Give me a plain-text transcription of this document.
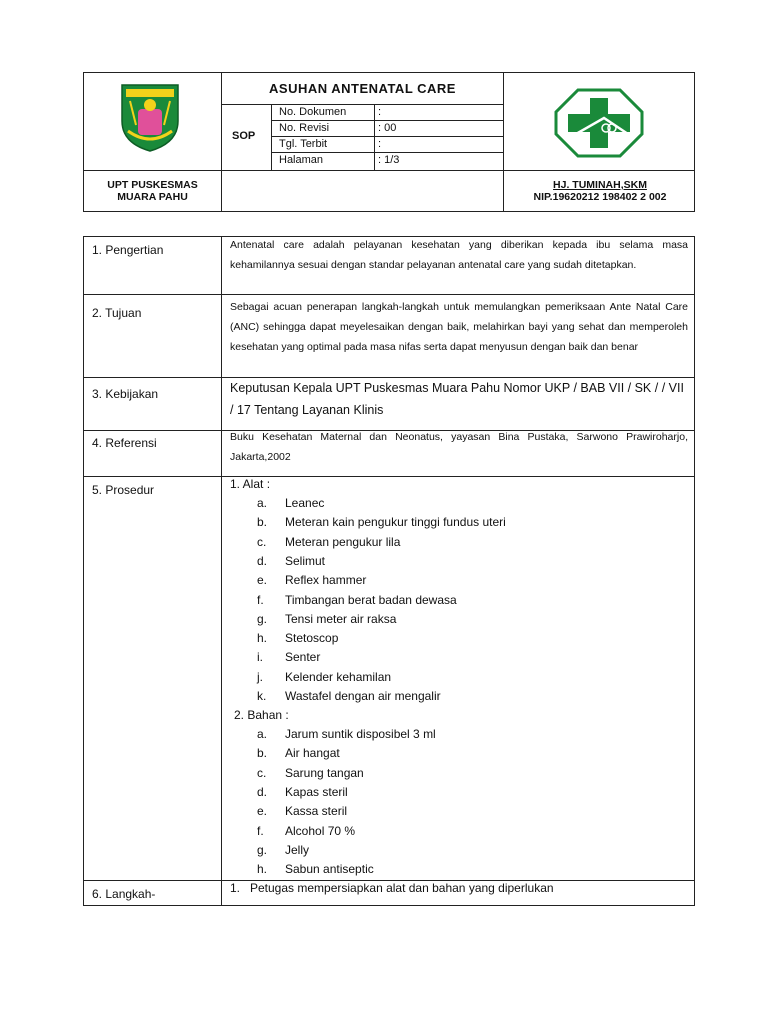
ASUHAN ANTENATAL CARE
SOP
No. Dokumen	:
No. Revisi	: 00
Tgl. Terbit	:
Halaman	: 1/3
UPT PUSKESMAS
MUARA PAHU
HJ. TUMINAH,SKM
NIP.19620212 198402 2 002
1. Pengertian	Antenatal care adalah pelayanan kesehatan yang diberikan kepada ibu selama masa kehamilannya sesuai dengan standar pelayanan antenatal care yang sudah ditetapkan.
2. Tujuan	Sebagai acuan penerapan langkah-langkah untuk memulangkan pemeriksaan Ante Natal Care (ANC) sehingga dapat meyelesaikan dengan baik, melahirkan bayi yang sehat dan memperoleh kesehatan yang optimal pada masa nifas serta dapat menyusun dengan baik dan benar
3. Kebijakan	Keputusan Kepala UPT Puskesmas Muara Pahu Nomor UKP / BAB VII / SK / / VII / 17 Tentang Layanan Klinis
4. Referensi	Buku Kesehatan Maternal dan Neonatus, yayasan Bina Pustaka, Sarwono Prawiroharjo, Jakarta,2002
5. Prosedur	1. Alat :
a. Leanec
b. Meteran kain pengukur tinggi fundus uteri
c. Meteran pengukur lila
d. Selimut
e. Reflex hammer
f. Timbangan berat badan dewasa
g. Tensi meter air raksa
h. Stetoscop
i. Senter
j. Kelender kehamilan
k. Wastafel dengan air mengalir
2. Bahan :
a. Jarum suntik disposibel 3 ml
b. Air hangat
c. Sarung tangan
d. Kapas steril
e. Kassa steril
f. Alcohol 70 %
g. Jelly
h. Sabun antiseptic
6. Langkah-	1. Petugas mempersiapkan alat dan bahan yang diperlukan
